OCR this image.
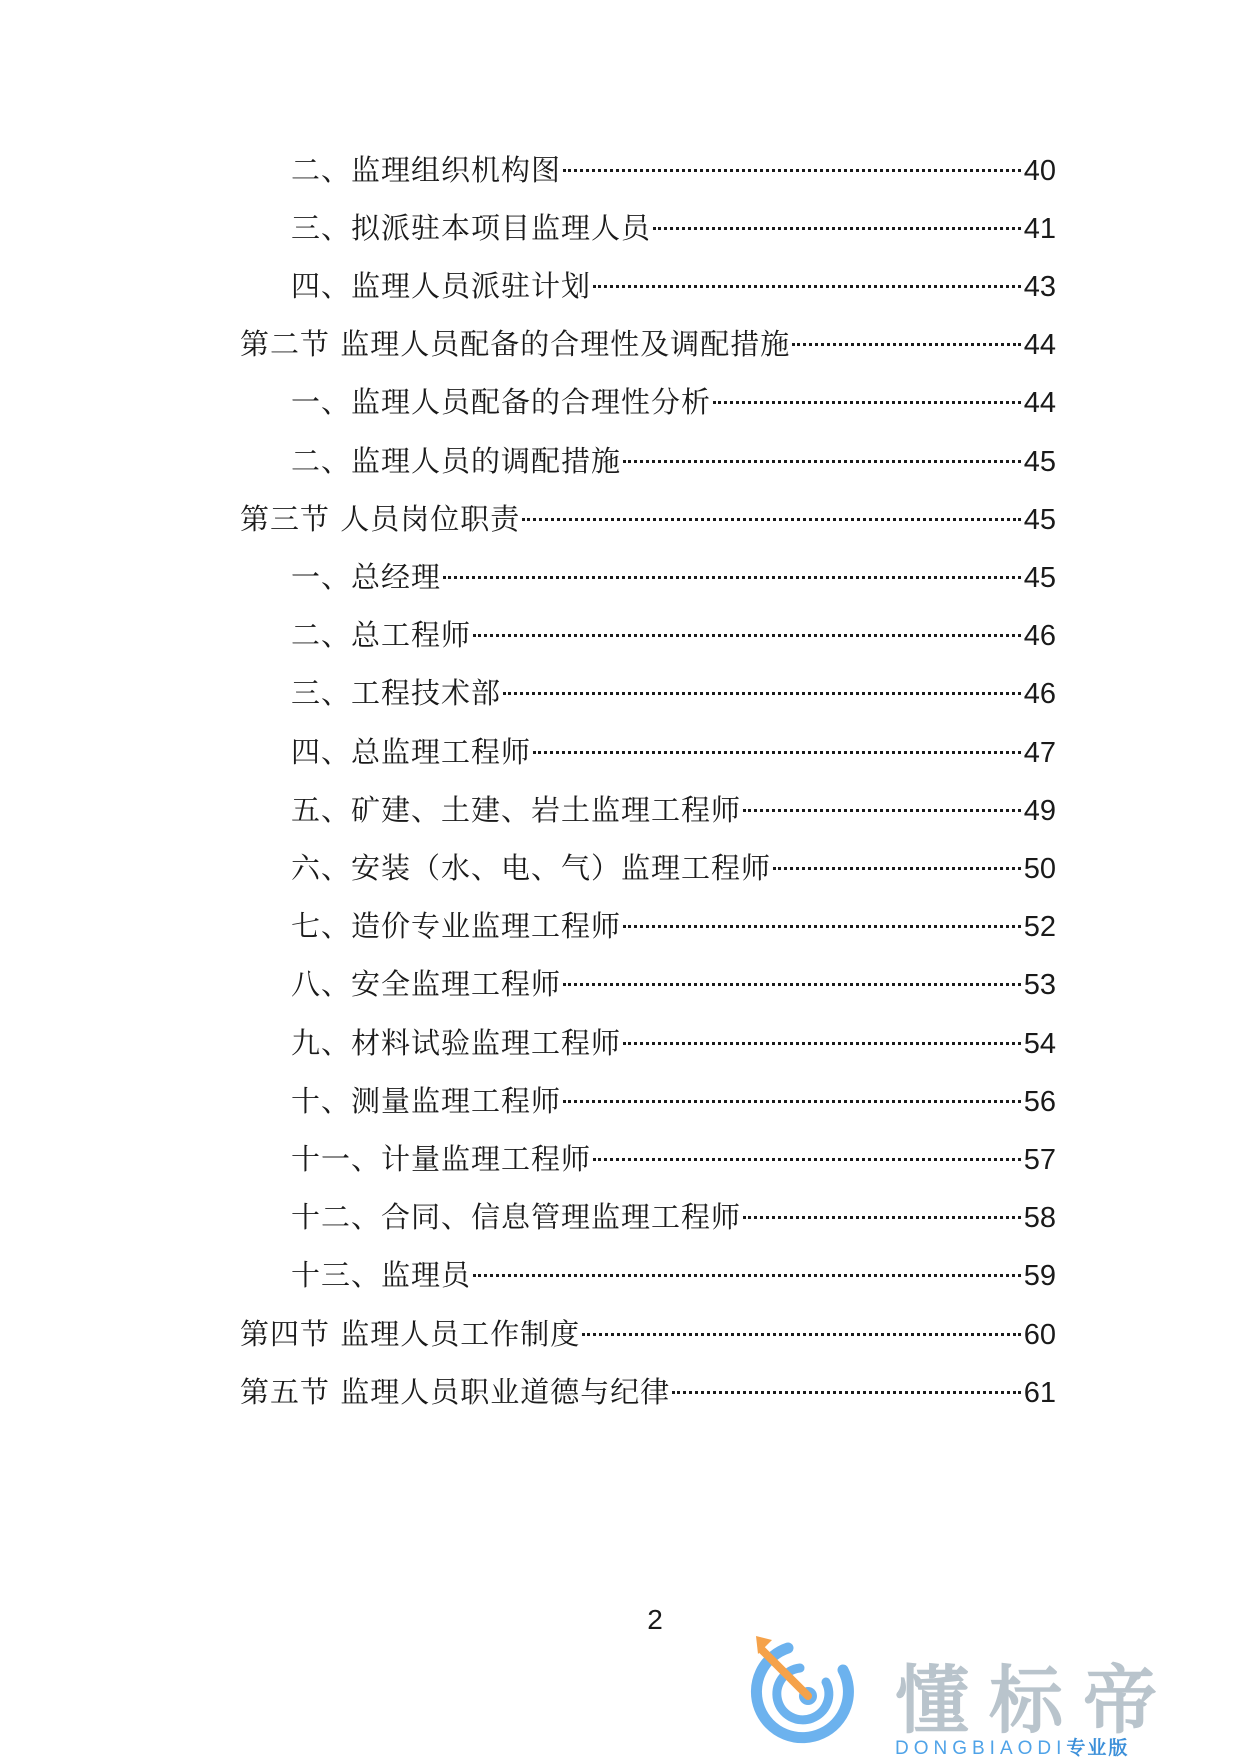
二、监理组织机构图	40
三、拟派驻本项目监理人员	41
四、监理人员派驻计划	43
第二节 监理人员配备的合理性及调配措施	44
一、监理人员配备的合理性分析	44
二、监理人员的调配措施	45
第三节 人员岗位职责	45
一、总经理	45
二、总工程师	46
三、工程技术部	46
四、总监理工程师	47
五、矿建、土建、岩土监理工程师	49
六、安装（水、电、气）监理工程师	50
七、造价专业监理工程师	52
八、安全监理工程师	53
九、材料试验监理工程师	54
十、测量监理工程师	56
十一、计量监理工程师	57
十二、合同、信息管理监理工程师	58
十三、监理员	59
第四节 监理人员工作制度	60
第五节 监理人员职业道德与纪律	61
2
懂标帝
DONGBIAODI专业版
